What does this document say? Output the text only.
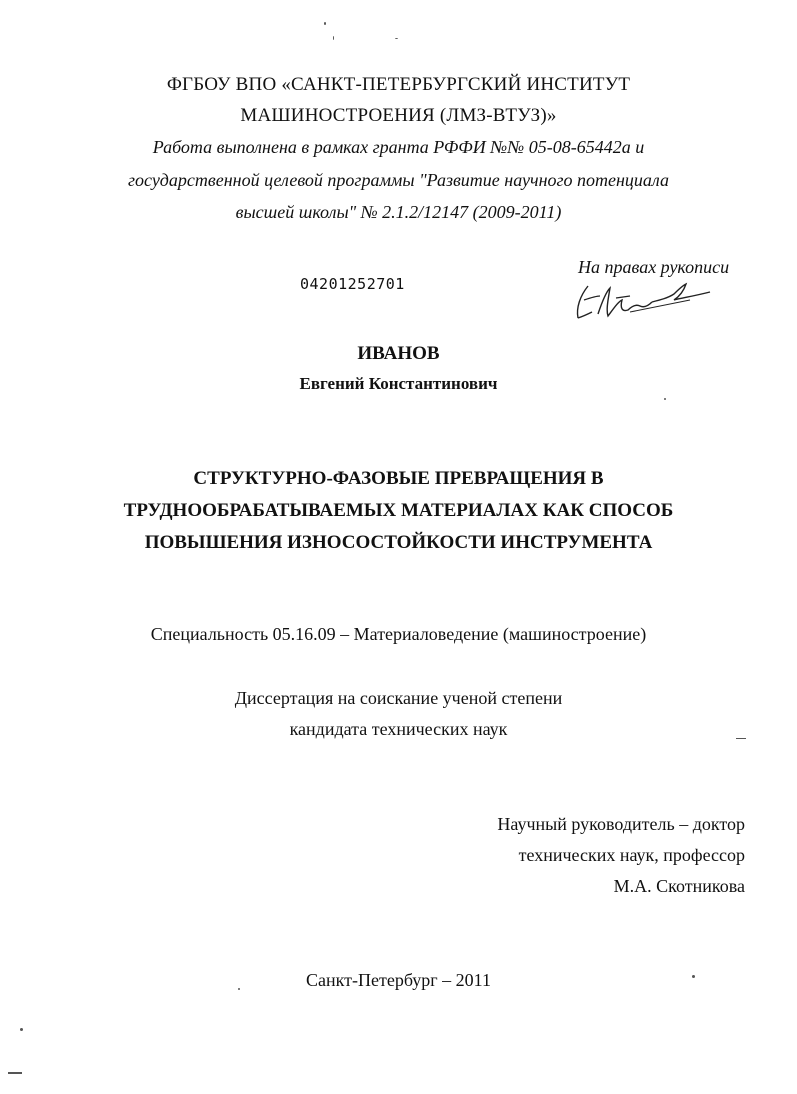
ФГБОУ ВПО «САНКТ-ПЕТЕРБУРГСКИЙ ИНСТИТУТ
МАШИНОСТРОЕНИЯ (ЛМЗ-ВТУЗ)»
Работа выполнена в рамках гранта РФФИ №№ 05-08-65442а и
государственной целевой программы "Развитие научного потенциала
высшей школы" № 2.1.2/12147 (2009-2011)
На правах рукописи
04201252701
ИВАНОВ
Евгений Константинович
СТРУКТУРНО-ФАЗОВЫЕ ПРЕВРАЩЕНИЯ В
ТРУДНООБРАБАТЫВАЕМЫХ МАТЕРИАЛАХ КАК СПОСОБ
ПОВЫШЕНИЯ ИЗНОСОСТОЙКОСТИ ИНСТРУМЕНТА
Специальность 05.16.09 – Материаловедение (машиностроение)
Диссертация на соискание ученой степени
кандидата технических наук
Научный руководитель – доктор
технических наук, профессор
М.А. Скотникова
Санкт-Петербург – 2011
